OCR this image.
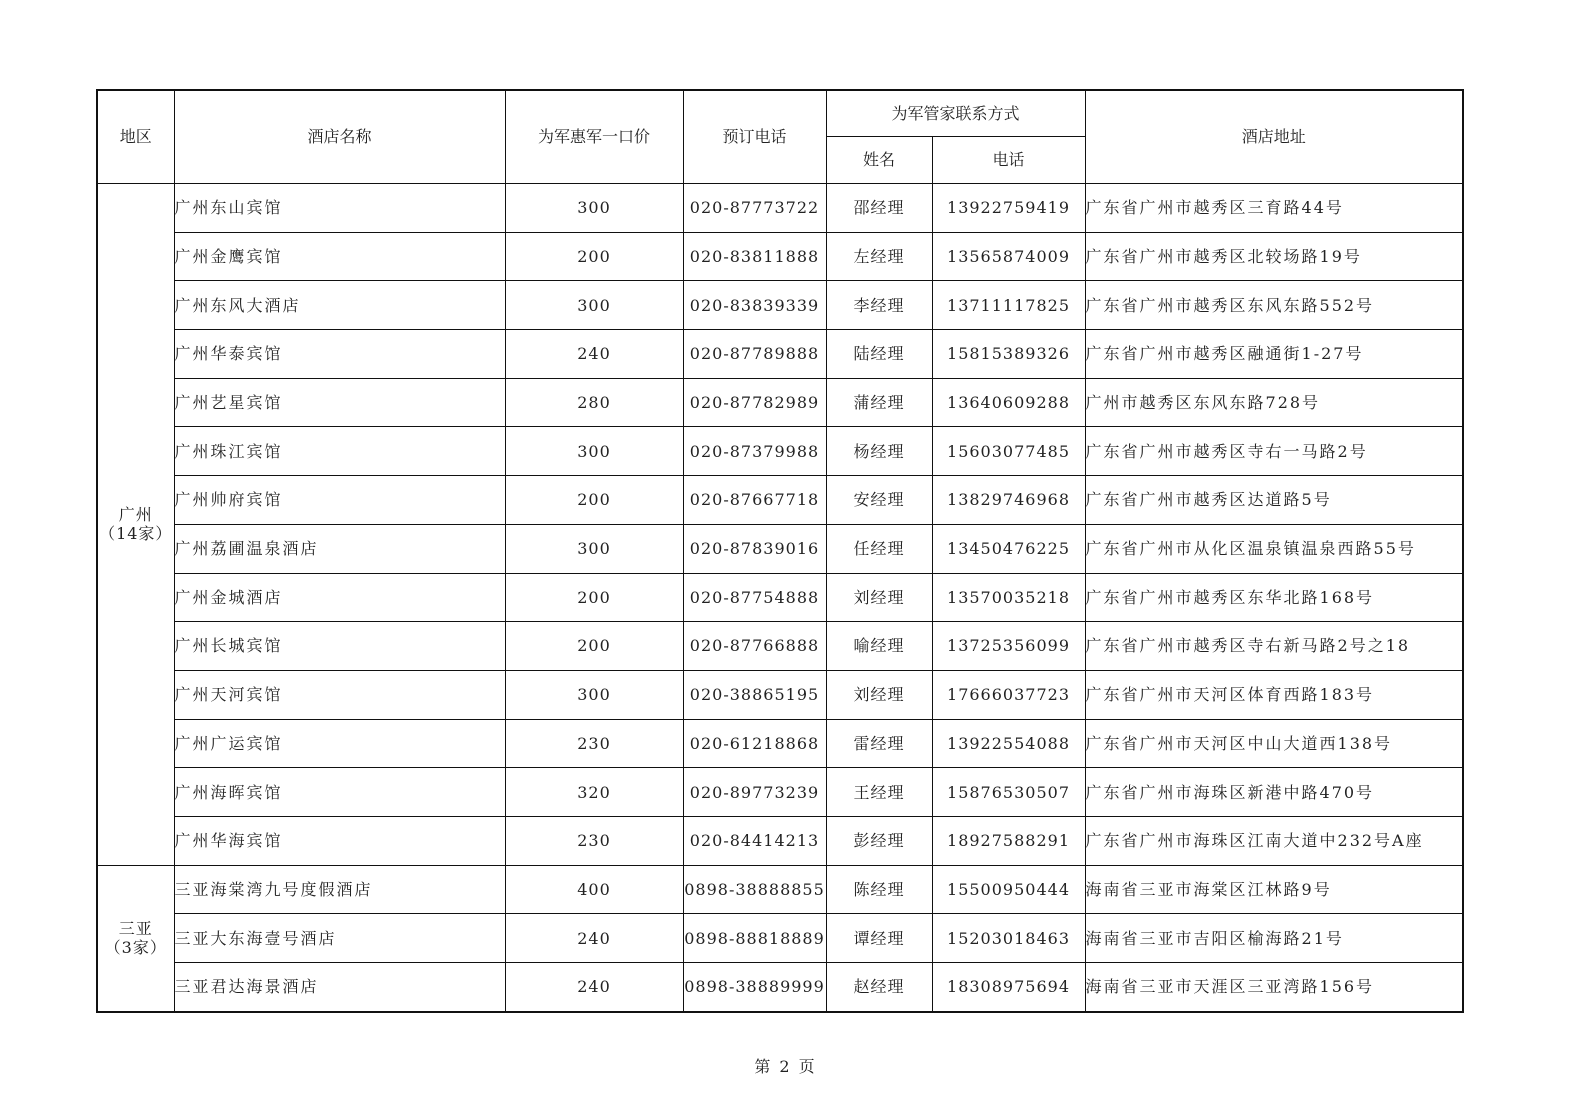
地区	酒店名称	为军惠军一口价	预订电话	为军管家联系方式		酒店地址
				姓名	电话	

广州
（14家）	广州东山宾馆	300	020-87773722	邵经理	13922759419	广东省广州市越秀区三育路44号
	广州金鹰宾馆	200	020-83811888	左经理	13565874009	广东省广州市越秀区北较场路19号
	广州东风大酒店	300	020-83839339	李经理	13711117825	广东省广州市越秀区东风东路552号
	广州华泰宾馆	240	020-87789888	陆经理	15815389326	广东省广州市越秀区融通街1-27号
	广州艺星宾馆	280	020-87782989	蒲经理	13640609288	广州市越秀区东风东路728号
	广州珠江宾馆	300	020-87379988	杨经理	15603077485	广东省广州市越秀区寺右一马路2号
	广州帅府宾馆	200	020-87667718	安经理	13829746968	广东省广州市越秀区达道路5号
	广州荔圃温泉酒店	300	020-87839016	任经理	13450476225	广东省广州市从化区温泉镇温泉西路55号
	广州金城酒店	200	020-87754888	刘经理	13570035218	广东省广州市越秀区东华北路168号
	广州长城宾馆	200	020-87766888	喻经理	13725356099	广东省广州市越秀区寺右新马路2号之18
	广州天河宾馆	300	020-38865195	刘经理	17666037723	广东省广州市天河区体育西路183号
	广州广运宾馆	230	020-61218868	雷经理	13922554088	广东省广州市天河区中山大道西138号
	广州海晖宾馆	320	020-89773239	王经理	15876530507	广东省广州市海珠区新港中路470号
	广州华海宾馆	230	020-84414213	彭经理	18927588291	广东省广州市海珠区江南大道中232号A座

三亚
（3家）	三亚海棠湾九号度假酒店	400	0898-38888855	陈经理	15500950444	海南省三亚市海棠区江林路9号
	三亚大东海壹号酒店	240	0898-88818889	谭经理	15203018463	海南省三亚市吉阳区榆海路21号
	三亚君达海景酒店	240	0898-38889999	赵经理	18308975694	海南省三亚市天涯区三亚湾路156号
第 2 页
